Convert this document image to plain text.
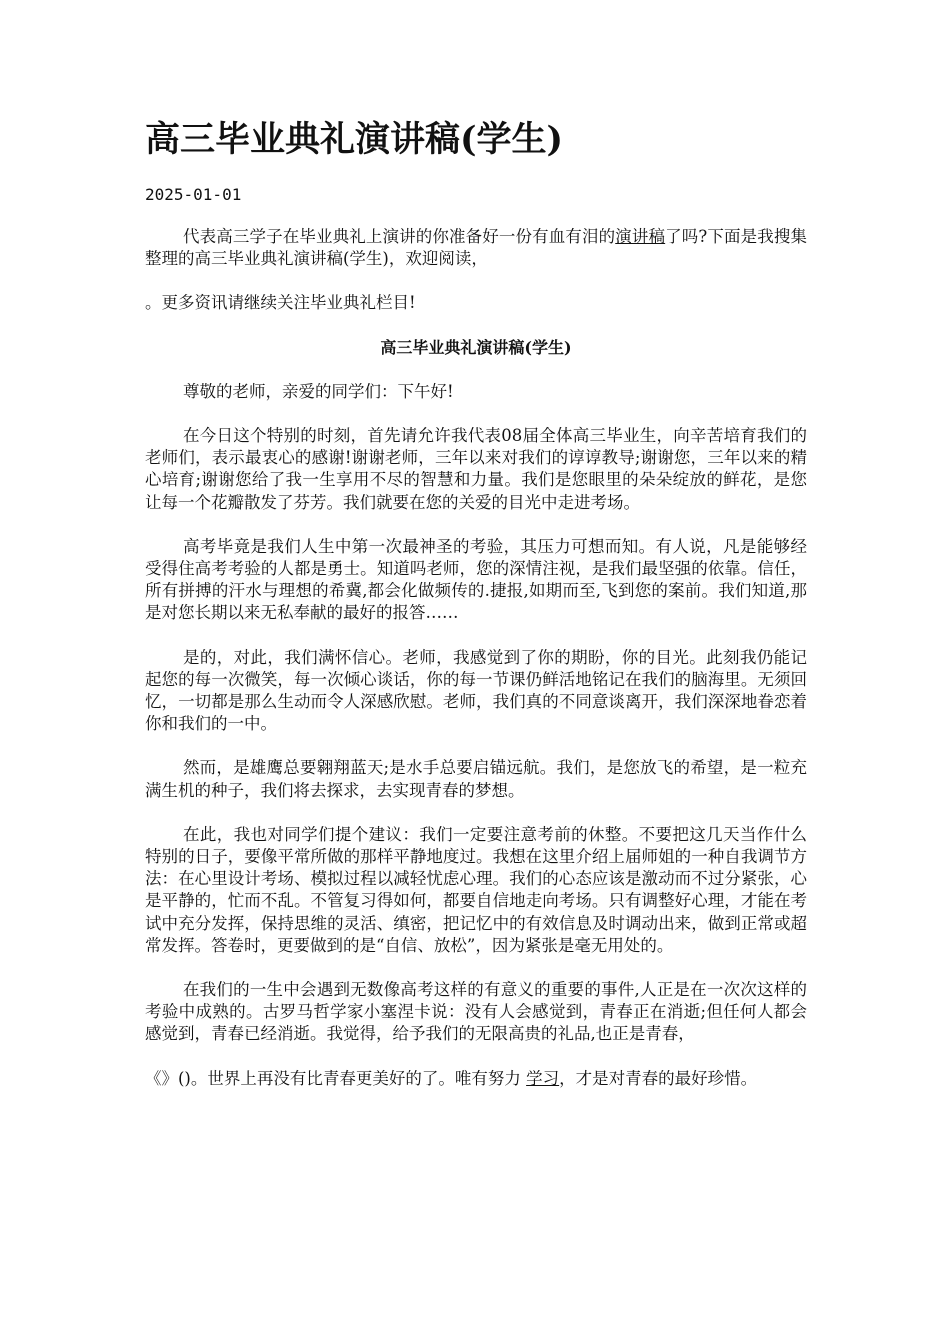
高三毕业典礼演讲稿(学生)
2025-01-01

代表高三学子在毕业典礼上演讲的你准备好一份有血有泪的演讲稿了吗?下面是我搜集整理的高三毕业典礼演讲稿(学生)，欢迎阅读，

。更多资讯请继续关注毕业典礼栏目!

高三毕业典礼演讲稿(学生)

尊敬的老师，亲爱的同学们：下午好!

在今日这个特别的时刻，首先请允许我代表08届全体高三毕业生，向辛苦培育我们的老师们，表示最衷心的感谢!谢谢老师，三年以来对我们的谆谆教导;谢谢您，三年以来的精心培育;谢谢您给了我一生享用不尽的智慧和力量。我们是您眼里的朵朵绽放的鲜花，是您让每一个花瓣散发了芬芳。我们就要在您的关爱的目光中走进考场。

高考毕竟是我们人生中第一次最神圣的考验，其压力可想而知。有人说，凡是能够经受得住高考考验的人都是勇士。知道吗老师，您的深情注视，是我们最坚强的依靠。信任，所有拼搏的汗水与理想的希冀,都会化做频传的.捷报,如期而至,飞到您的案前。我们知道,那是对您长期以来无私奉献的最好的报答……

是的，对此，我们满怀信心。老师，我感觉到了你的期盼，你的目光。此刻我仍能记起您的每一次微笑，每一次倾心谈话，你的每一节课仍鲜活地铭记在我们的脑海里。无须回忆，一切都是那么生动而令人深感欣慰。老师，我们真的不同意谈离开，我们深深地眷恋着你和我们的一中。

然而，是雄鹰总要翱翔蓝天;是水手总要启锚远航。我们，是您放飞的希望，是一粒充满生机的种子，我们将去探求，去实现青春的梦想。

在此，我也对同学们提个建议：我们一定要注意考前的休整。不要把这几天当作什么特别的日子，要像平常所做的那样平静地度过。我想在这里介绍上届师姐的一种自我调节方法：在心里设计考场、模拟过程以减轻忧虑心理。我们的心态应该是激动而不过分紧张，心是平静的，忙而不乱。不管复习得如何，都要自信地走向考场。只有调整好心理，才能在考试中充分发挥，保持思维的灵活、缜密，把记忆中的有效信息及时调动出来，做到正常或超常发挥。答卷时，更要做到的是“自信、放松”，因为紧张是毫无用处的。

在我们的一生中会遇到无数像高考这样的有意义的重要的事件,人正是在一次次这样的考验中成熟的。古罗马哲学家小塞涅卡说：没有人会感觉到，青春正在消逝;但任何人都会感觉到，青春已经消逝。我觉得，给予我们的无限高贵的礼品,也正是青春，

《》()。世界上再没有比青春更美好的了。唯有努力 学习，才是对青春的最好珍惜。
